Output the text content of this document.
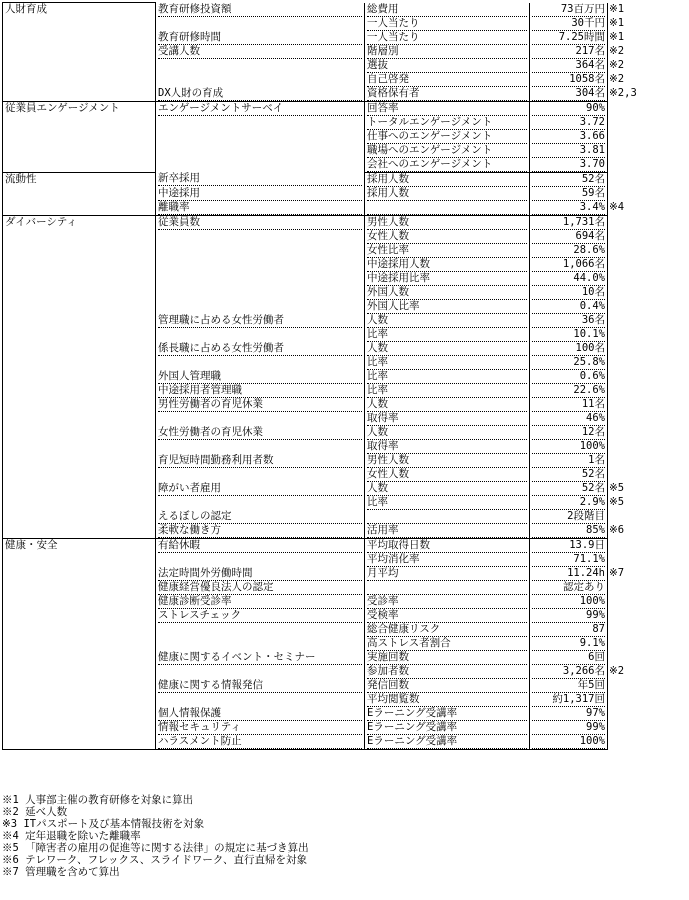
人財育成	教育研修投資額	総費用	73百万円	※1

		一人当たり	30千円	※1

	教育研修時間	一人当たり	7.25時間	※1

	受講人数	階層別	217名	※2

		選抜	364名	※2

		自己啓発	1058名	※2

	DX人財の育成	資格保有者	304名	※2,3
従業員エンゲージメント	エンゲージメントサーベイ	回答率	90%	

		トータルエンゲージメント	3.72	

		仕事へのエンゲージメント	3.66	

		職場へのエンゲージメント	3.81	

		会社へのエンゲージメント	3.70	

流動性	新卒採用	採用人数	52名	

	中途採用	採用人数	59名	

	離職率		3.4%	※4
ダイバーシティ	従業員数	男性人数	1,731名	

		女性人数	694名	

		女性比率	28.6%	

		中途採用人数	1,066名	

		中途採用比率	44.0%	

		外国人数	10名	

		外国人比率	0.4%	

	管理職に占める女性労働者	人数	36名	

		比率	10.1%	

	係長職に占める女性労働者	人数	100名	

		比率	25.8%	

	外国人管理職	比率	0.6%	

	中途採用者管理職	比率	22.6%	

	男性労働者の育児休業	人数	11名	

		取得率	46%	

	女性労働者の育児休業	人数	12名	

		取得率	100%	

	育児短時間勤務利用者数	男性人数	1名	

		女性人数	52名	

	障がい者雇用	人数	52名	※5

		比率	2.9%	※5

	えるぼしの認定		2段階目	

	柔軟な働き方	活用率	85%	※6
健康・安全	有給休暇	平均取得日数	13.9日	

		平均消化率	71.1%	

	法定時間外労働時間	月平均	11.24h	※7

	健康経営優良法人の認定		認定あり	

	健康診断受診率	受診率	100%	

	ストレスチェック	受検率	99%	

		総合健康リスク	87	

		高ストレス者割合	9.1%	

	健康に関するイベント・セミナー	実施回数	6回	

		参加者数	3,266名	※2

	健康に関する情報発信	発信回数	年5回	

		平均閲覧数	約1,317回	

	個人情報保護	Eラーニング受講率	97%	

	情報セキュリティ	Eラーニング受講率	99%	

	ハラスメント防止	Eラーニング受講率	100%	

※1 人事部主催の教育研修を対象に算出
※2 延べ人数
※3 ITパスポート及び基本情報技術を対象
※4 定年退職を除いた離職率
※5 「障害者の雇用の促進等に関する法律」の規定に基づき算出
※6 テレワーク、フレックス、スライドワーク、直行直帰を対象
※7 管理職を含めて算出
